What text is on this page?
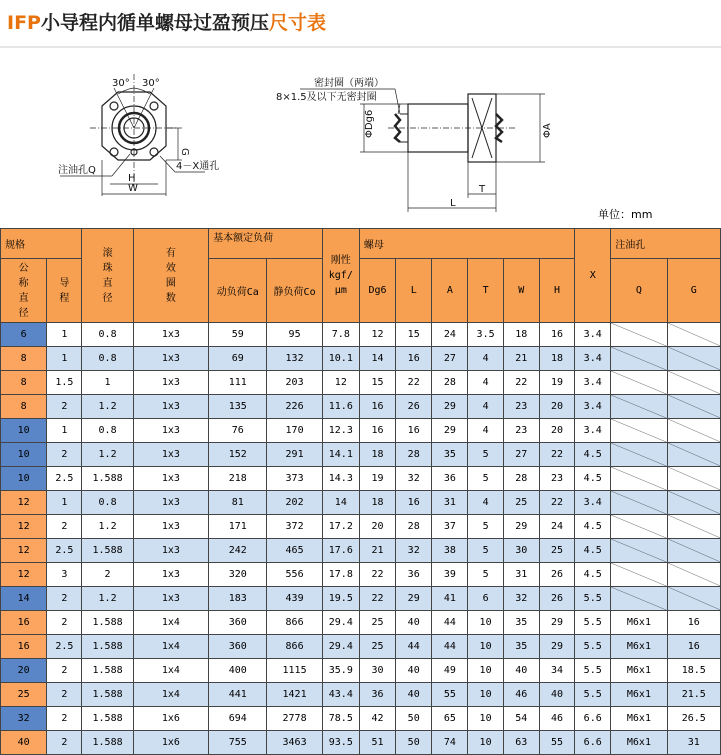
IFP小导程内循单螺母过盈预压尺寸表
30° 30°
注油孔Q	4－X通孔
H
W
G
密封圈（两端）
8×1.5及以下无密封圈
ΦDg6	ΦA
L
T
单位：mm
规格		滚
珠
直
径	有
效
圈
数	基本额定负荷		刚性
kgf/
μm	螺母						X	注油孔	
公
称
直
径	导
程			动负荷Ca	静负荷Co		Dg6	L	A	T	W	H		Q	G
6	1	0.8	1x3	59	95	7.8	12	15	24	3.5	18	16	3.4	

8	1	0.8	1x3	69	132	10.1	14	16	27	4	21	18	3.4	

8	1.5	1	1x3	111	203	12	15	22	28	4	22	19	3.4	

8	2	1.2	1x3	135	226	11.6	16	26	29	4	23	20	3.4	

10	1	0.8	1x3	76	170	12.3	16	16	29	4	23	20	3.4	

10	2	1.2	1x3	152	291	14.1	18	28	35	5	27	22	4.5	

10	2.5	1.588	1x3	218	373	14.3	19	32	36	5	28	23	4.5	

12	1	0.8	1x3	81	202	14	18	16	31	4	25	22	3.4	

12	2	1.2	1x3	171	372	17.2	20	28	37	5	29	24	4.5	

12	2.5	1.588	1x3	242	465	17.6	21	32	38	5	30	25	4.5	

12	3	2	1x3	320	556	17.8	22	36	39	5	31	26	4.5	

14	2	1.2	1x3	183	439	19.5	22	29	41	6	32	26	5.5	

16	2	1.588	1x4	360	866	29.4	25	40	44	10	35	29	5.5	M6x1	16
16	2.5	1.588	1x4	360	866	29.4	25	44	44	10	35	29	5.5	M6x1	16
20	2	1.588	1x4	400	1115	35.9	30	40	49	10	40	34	5.5	M6x1	18.5
25	2	1.588	1x4	441	1421	43.4	36	40	55	10	46	40	5.5	M6x1	21.5
32	2	1.588	1x6	694	2778	78.5	42	50	65	10	54	46	6.6	M6x1	26.5
40	2	1.588	1x6	755	3463	93.5	51	50	74	10	63	55	6.6	M6x1	31
